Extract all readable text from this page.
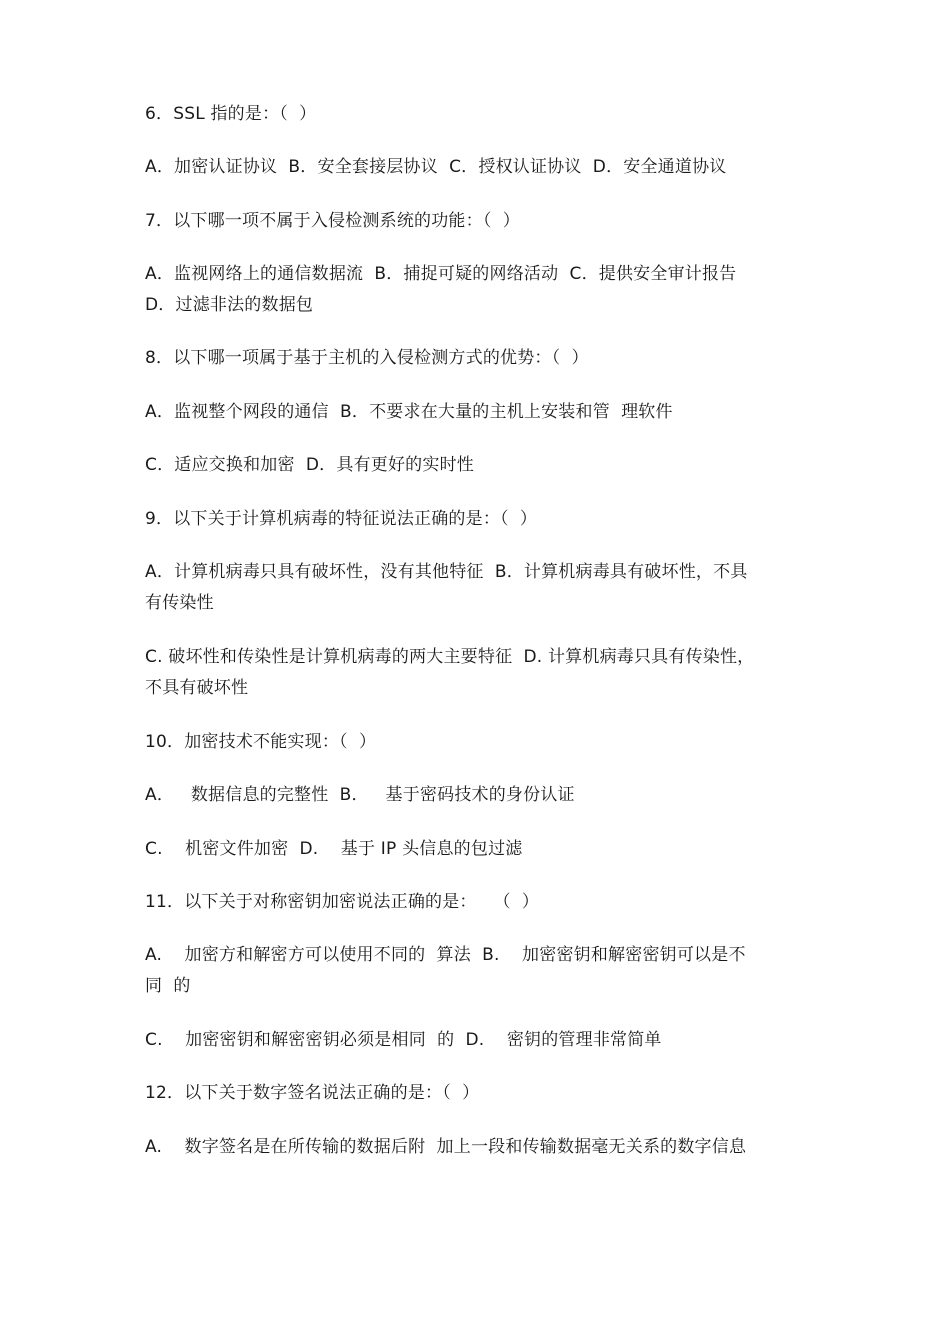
6．SSL 指的是：（  ）
A．加密认证协议  B．安全套接层协议  C．授权认证协议  D．安全通道协议
7．以下哪一项不属于入侵检测系统的功能：（  ）
A．监视网络上的通信数据流  B．捕捉可疑的网络活动  C．提供安全审计报告
D．过滤非法的数据包
8．以下哪一项属于基于主机的入侵检测方式的优势：（  ）
A．监视整个网段的通信  B．不要求在大量的主机上安装和管  理软件
C．适应交换和加密  D．具有更好的实时性
9．以下关于计算机病毒的特征说法正确的是：（  ）
A．计算机病毒只具有破坏性，没有其他特征  B．计算机病毒具有破坏性，不具
有传染性
C. 破坏性和传染性是计算机病毒的两大主要特征  D. 计算机病毒只具有传染性，
不具有破坏性
10．加密技术不能实现：（  ）
A．   数据信息的完整性  B．   基于密码技术的身份认证
C.    机密文件加密  D.    基于 IP 头信息的包过滤
11．以下关于对称密钥加密说法正确的是：   （  ）
A.    加密方和解密方可以使用不同的  算法  B.    加密密钥和解密密钥可以是不
同  的
C.    加密密钥和解密密钥必须是相同  的  D.    密钥的管理非常简单
12．以下关于数字签名说法正确的是：（  ）
A.    数字签名是在所传输的数据后附  加上一段和传输数据毫无关系的数字信息
